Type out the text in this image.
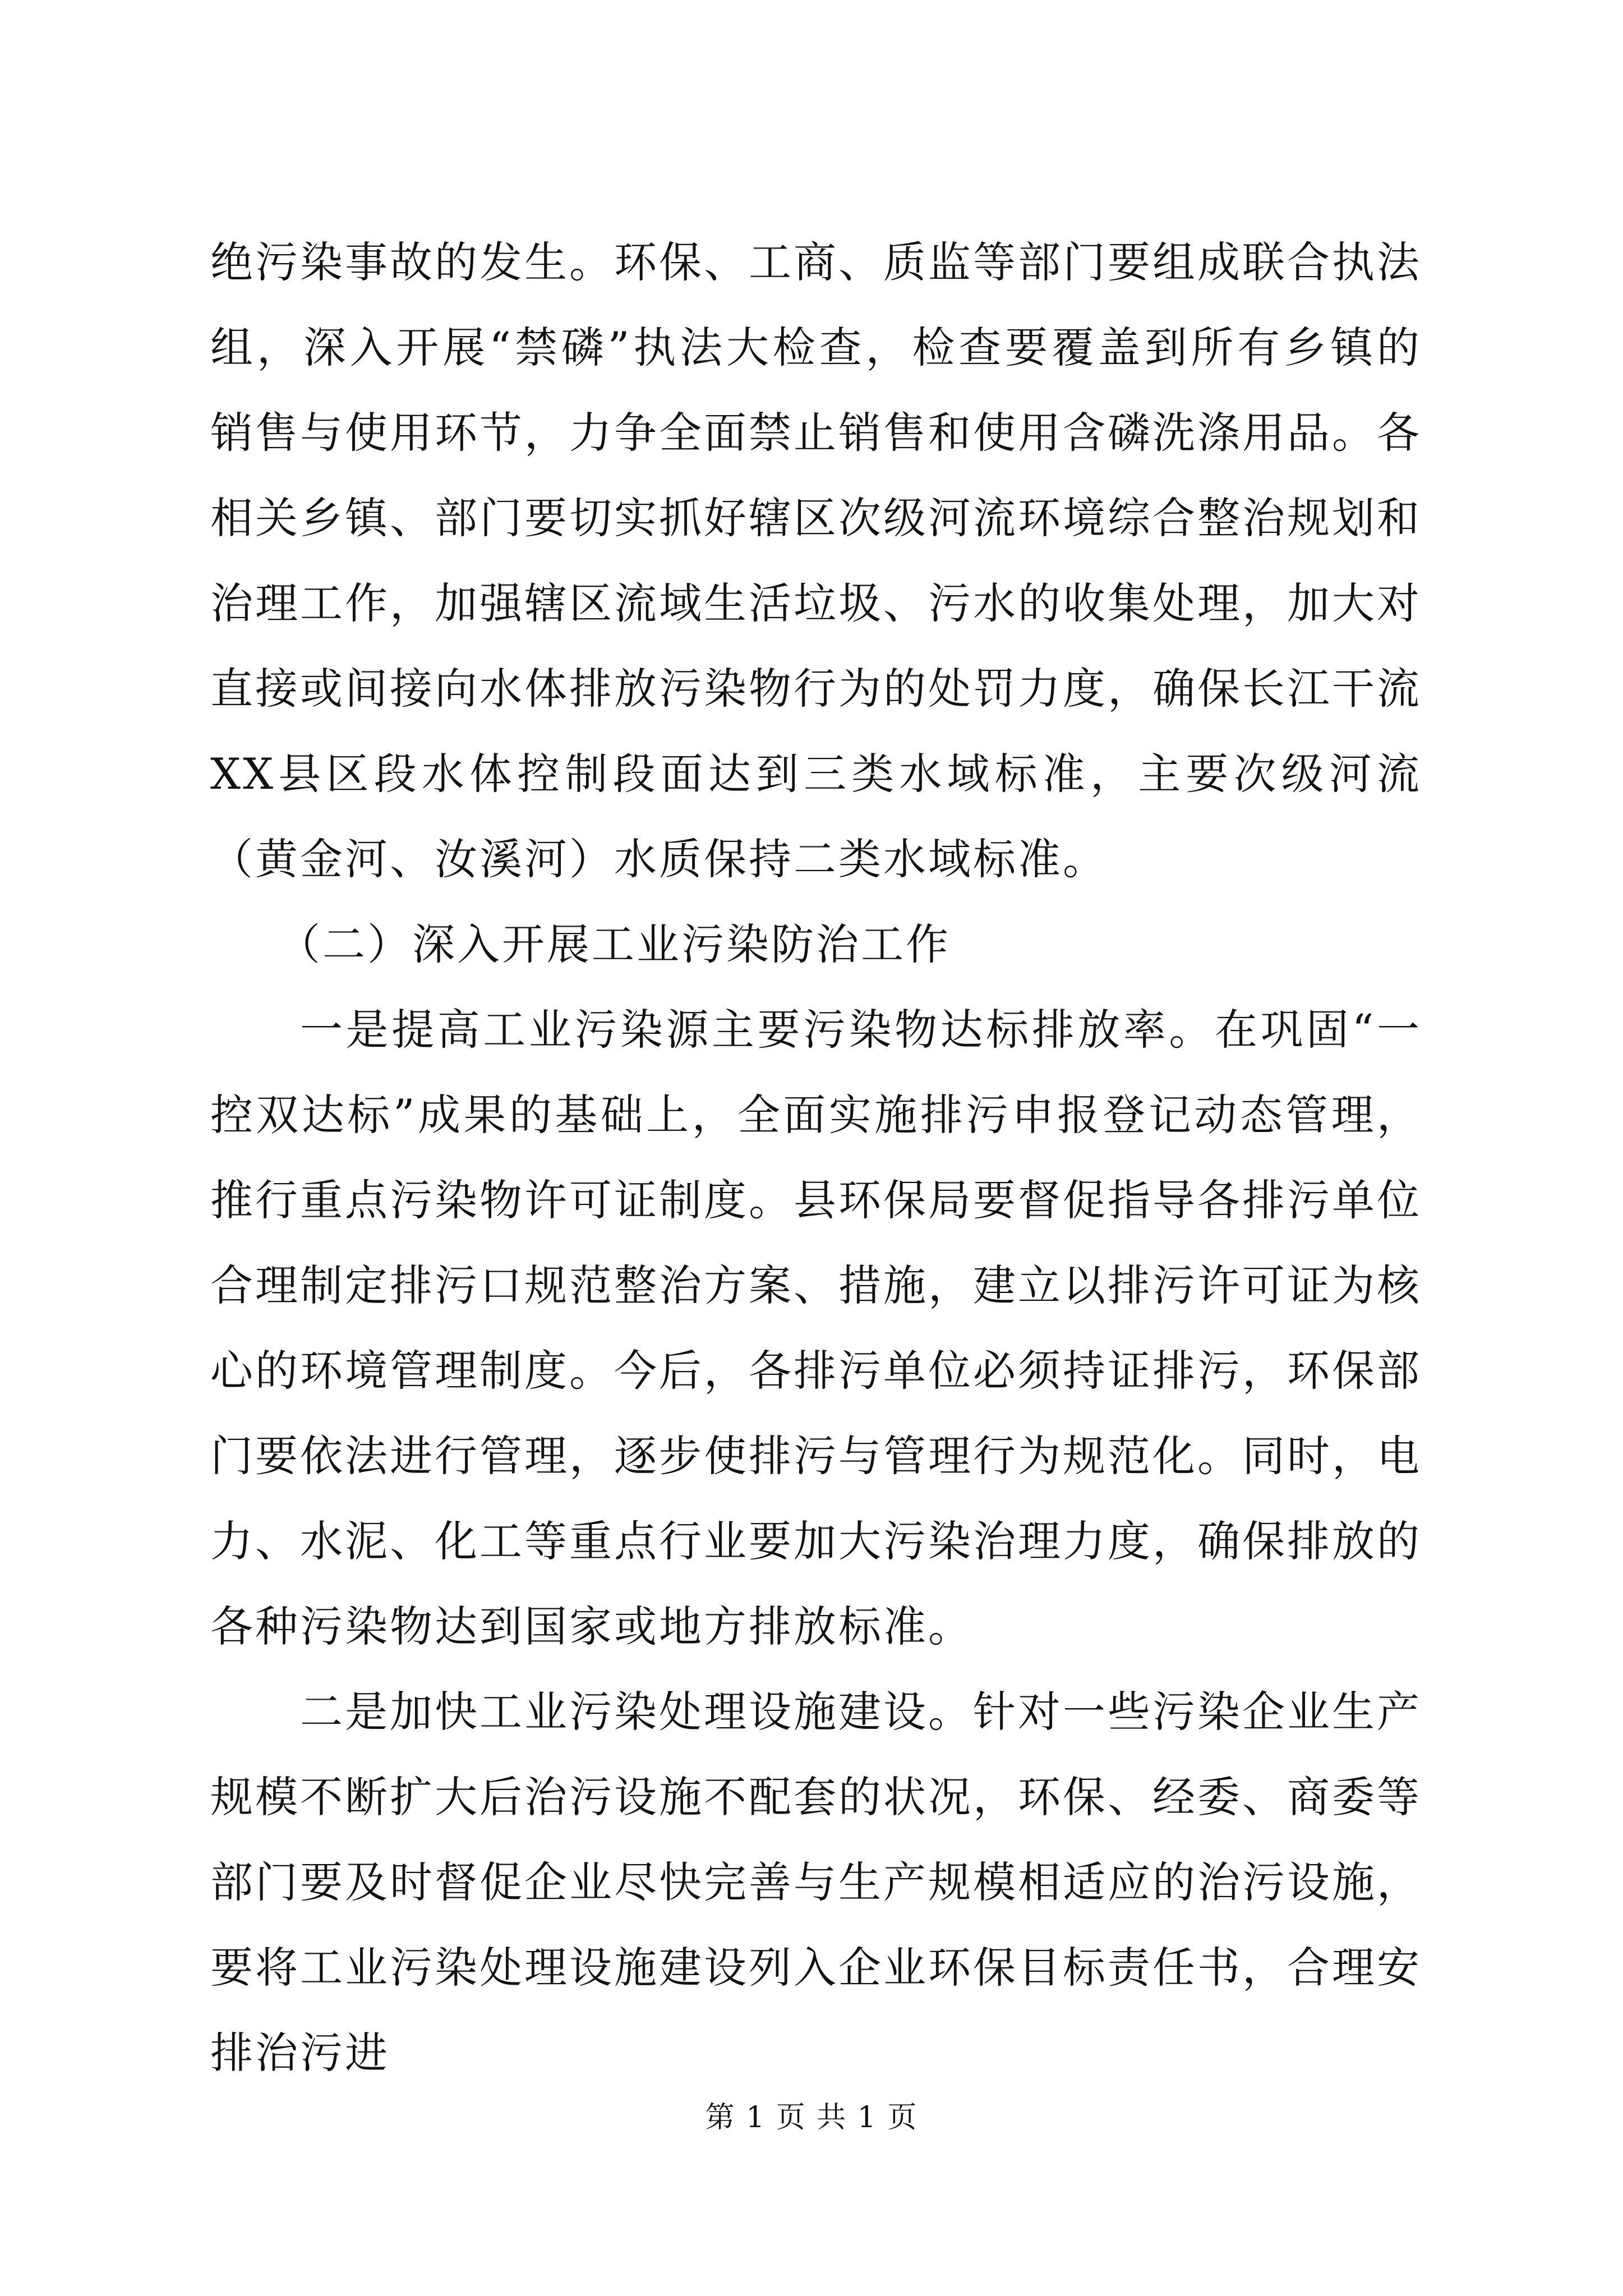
绝污染事故的发生。环保、工商、质监等部门要组成联合执法组，深入开展“禁磷”执法大检查，检查要覆盖到所有乡镇的销售与使用环节，力争全面禁止销售和使用含磷洗涤用品。各相关乡镇、部门要切实抓好辖区次级河流环境综合整治规划和治理工作，加强辖区流域生活垃圾、污水的收集处理，加大对直接或间接向水体排放污染物行为的处罚力度，确保长江干流XX县区段水体控制段面达到三类水域标准，主要次级河流（黄金河、汝溪河）水质保持二类水域标准。

（二）深入开展工业污染防治工作

一是提高工业污染源主要污染物达标排放率。在巩固“一控双达标”成果的基础上，全面实施排污申报登记动态管理，推行重点污染物许可证制度。县环保局要督促指导各排污单位合理制定排污口规范整治方案、措施，建立以排污许可证为核心的环境管理制度。今后，各排污单位必须持证排污，环保部门要依法进行管理，逐步使排污与管理行为规范化。同时，电力、水泥、化工等重点行业要加大污染治理力度，确保排放的各种污染物达到国家或地方排放标准。

二是加快工业污染处理设施建设。针对一些污染企业生产规模不断扩大后治污设施不配套的状况，环保、经委、商委等部门要及时督促企业尽快完善与生产规模相适应的治污设施，要将工业污染处理设施建设列入企业环保目标责任书，合理安排治污进

第 1 页 共 1 页
